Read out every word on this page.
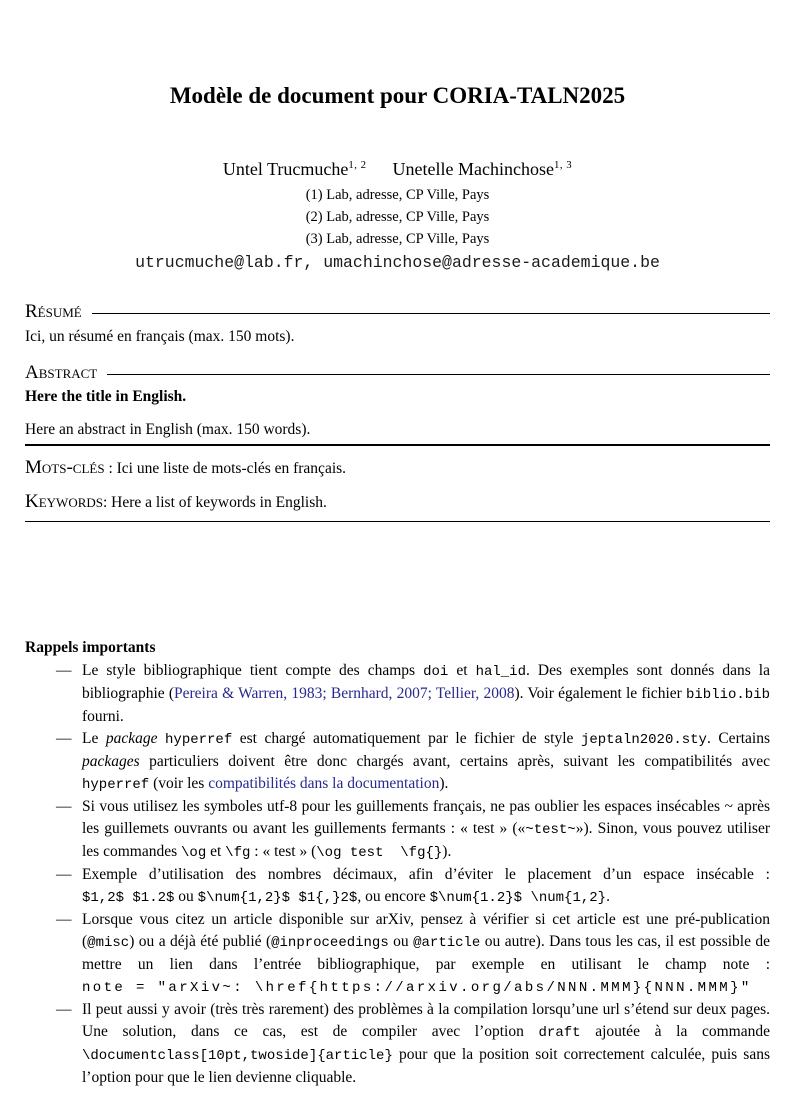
Modèle de document pour CORIA-TALN2025
Untel Trucmuche$^{1, 2}$ Unetelle Machinchose$^{1, 3}$
(1) Lab, adresse, CP Ville, Pays
(2) Lab, adresse, CP Ville, Pays
(3) Lab, adresse, CP Ville, Pays
utrucmuche@lab.fr, umachinchose@adresse-academique.be
Résumé
Ici, un résumé en français (max. 150 mots).
Abstract
Here the title in English.
Here an abstract in English (max. 150 words).
Mots-clés : Ici une liste de mots-clés en français.
Keywords: Here a list of keywords in English.
Rappels importants
— Le style bibliographique tient compte des champs doi et hal_id. Des exemples sont donnés dans la bibliographie (Pereira & Warren, 1983; Bernhard, 2007; Tellier, 2008). Voir également le fichier biblio.bib fourni.
— Le package hyperref est chargé automatiquement par le fichier de style jeptaln2020.sty. Certains packages particuliers doivent être donc chargés avant, certains après, suivant les compatibilités avec hyperref (voir les compatibilités dans la documentation).
— Si vous utilisez les symboles utf-8 pour les guillements français, ne pas oublier les espaces insécables ~ après les guillemets ouvrants ou avant les guillements fermants : « test » («~test~»). Sinon, vous pouvez utiliser les commandes \og et \fg : « test » (\og test  \fg{}).
— Exemple d’utilisation des nombres décimaux, afin d’éviter le placement d’un espace insécable : $1,2$ $1.2$ ou $\num{1,2}$ $1{,}2$, ou encore $\num{1.2}$ \num{1,2}.
— Lorsque vous citez un article disponible sur arXiv, pensez à vérifier si cet article est une pré-publication (@misc) ou a déjà été publié (@inproceedings ou @article ou autre). Dans tous les cas, il est possible de mettre un lien dans l’entrée bibliographique, par exemple en utilisant le champ note : note = "arXiv~: \href{https://arxiv.org/abs/NNN.MMM}{NNN.MMM}"
— Il peut aussi y avoir (très très rarement) des problèmes à la compilation lorsqu’une url s’étend sur deux pages. Une solution, dans ce cas, est de compiler avec l’option draft ajoutée à la commande \documentclass[10pt,twoside]{article} pour que la position soit correctement calculée, puis sans l’option pour que le lien devienne cliquable.
